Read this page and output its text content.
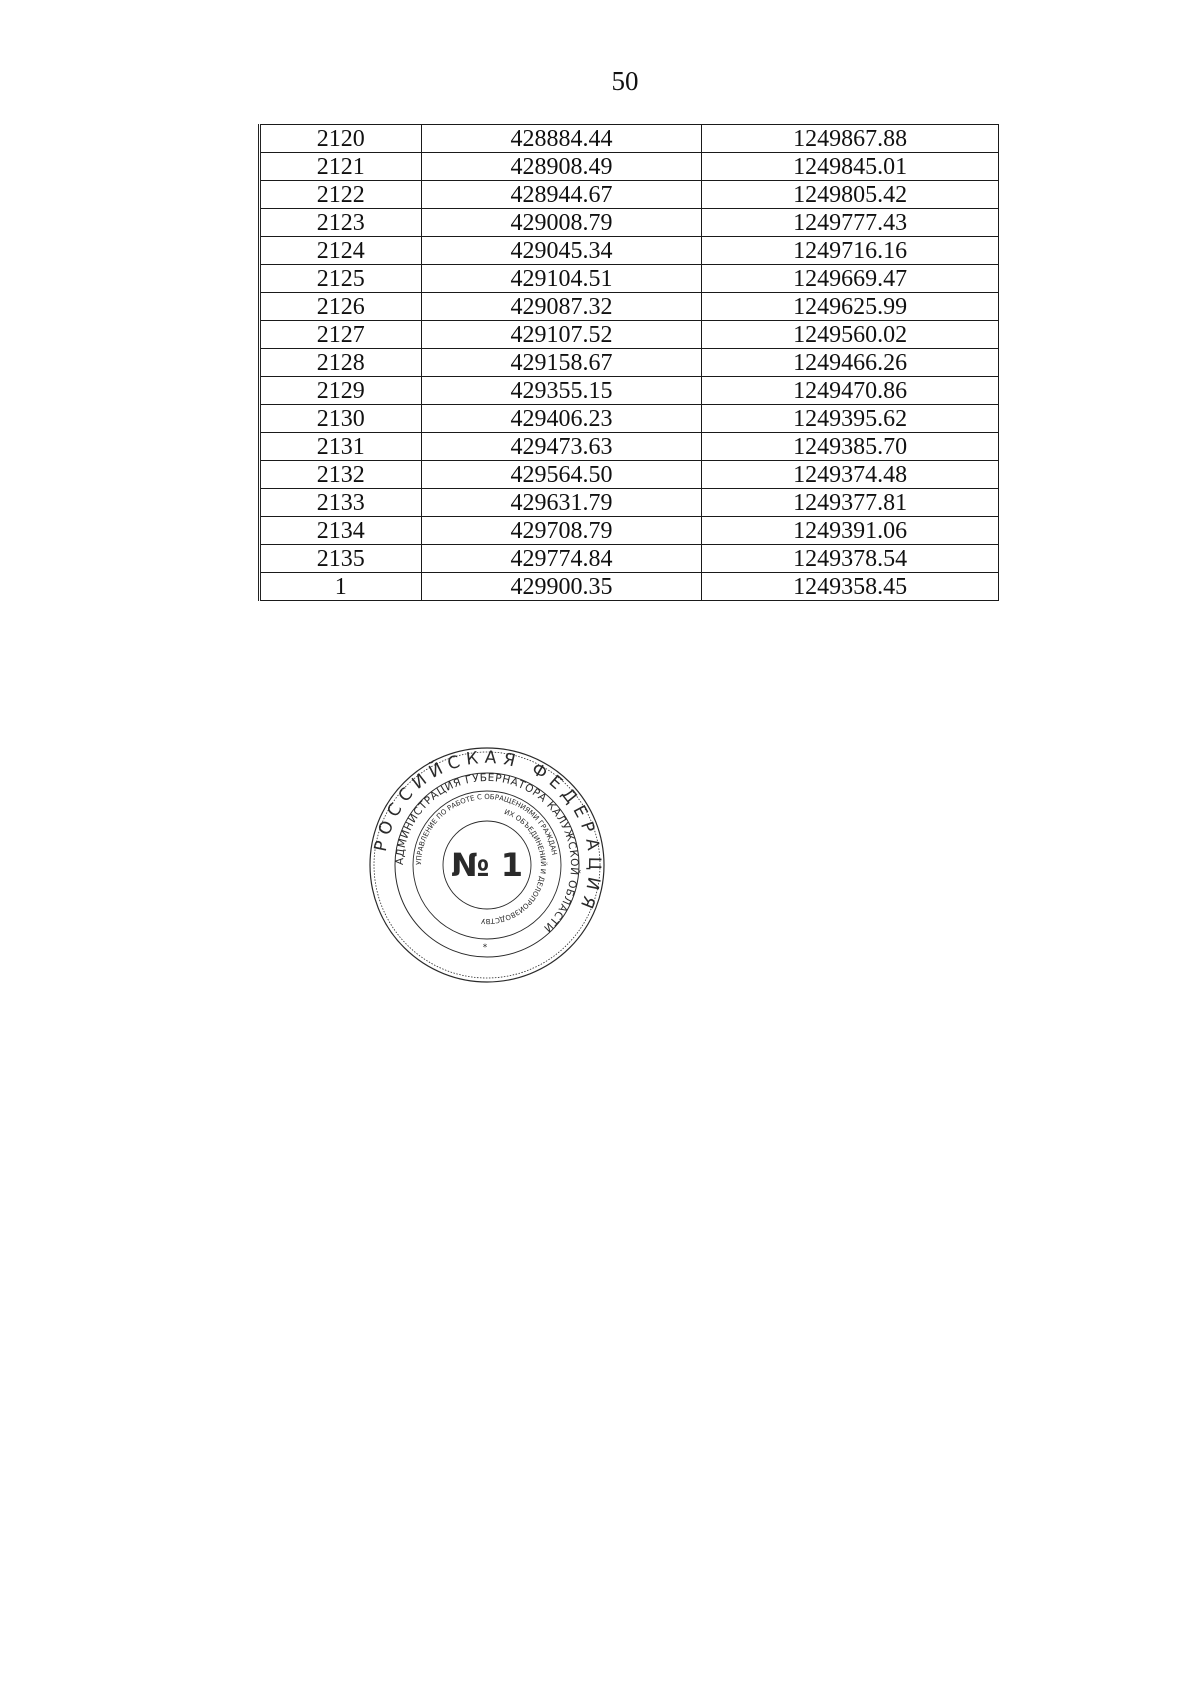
50
2120	428884.44	1249867.88
2121	428908.49	1249845.01
2122	428944.67	1249805.42
2123	429008.79	1249777.43
2124	429045.34	1249716.16
2125	429104.51	1249669.47
2126	429087.32	1249625.99
2127	429107.52	1249560.02
2128	429158.67	1249466.26
2129	429355.15	1249470.86
2130	429406.23	1249395.62
2131	429473.63	1249385.70
2132	429564.50	1249374.48
2133	429631.79	1249377.81
2134	429708.79	1249391.06
2135	429774.84	1249378.54
1	429900.35	1249358.45
РОССИЙСКАЯ ФЕДЕРАЦИЯ
АДМИНИСТРАЦИЯ ГУБЕРНАТОРА КАЛУЖСКОЙ ОБЛАСТИ
УПРАВЛЕНИЕ ПО РАБОТЕ С ОБРАЩЕНИЯМИ ГРАЖДАН
ИХ ОБЪЕДИНЕНИЙ И ДЕЛОПРОИЗВОДСТВУ
№ 1
*
